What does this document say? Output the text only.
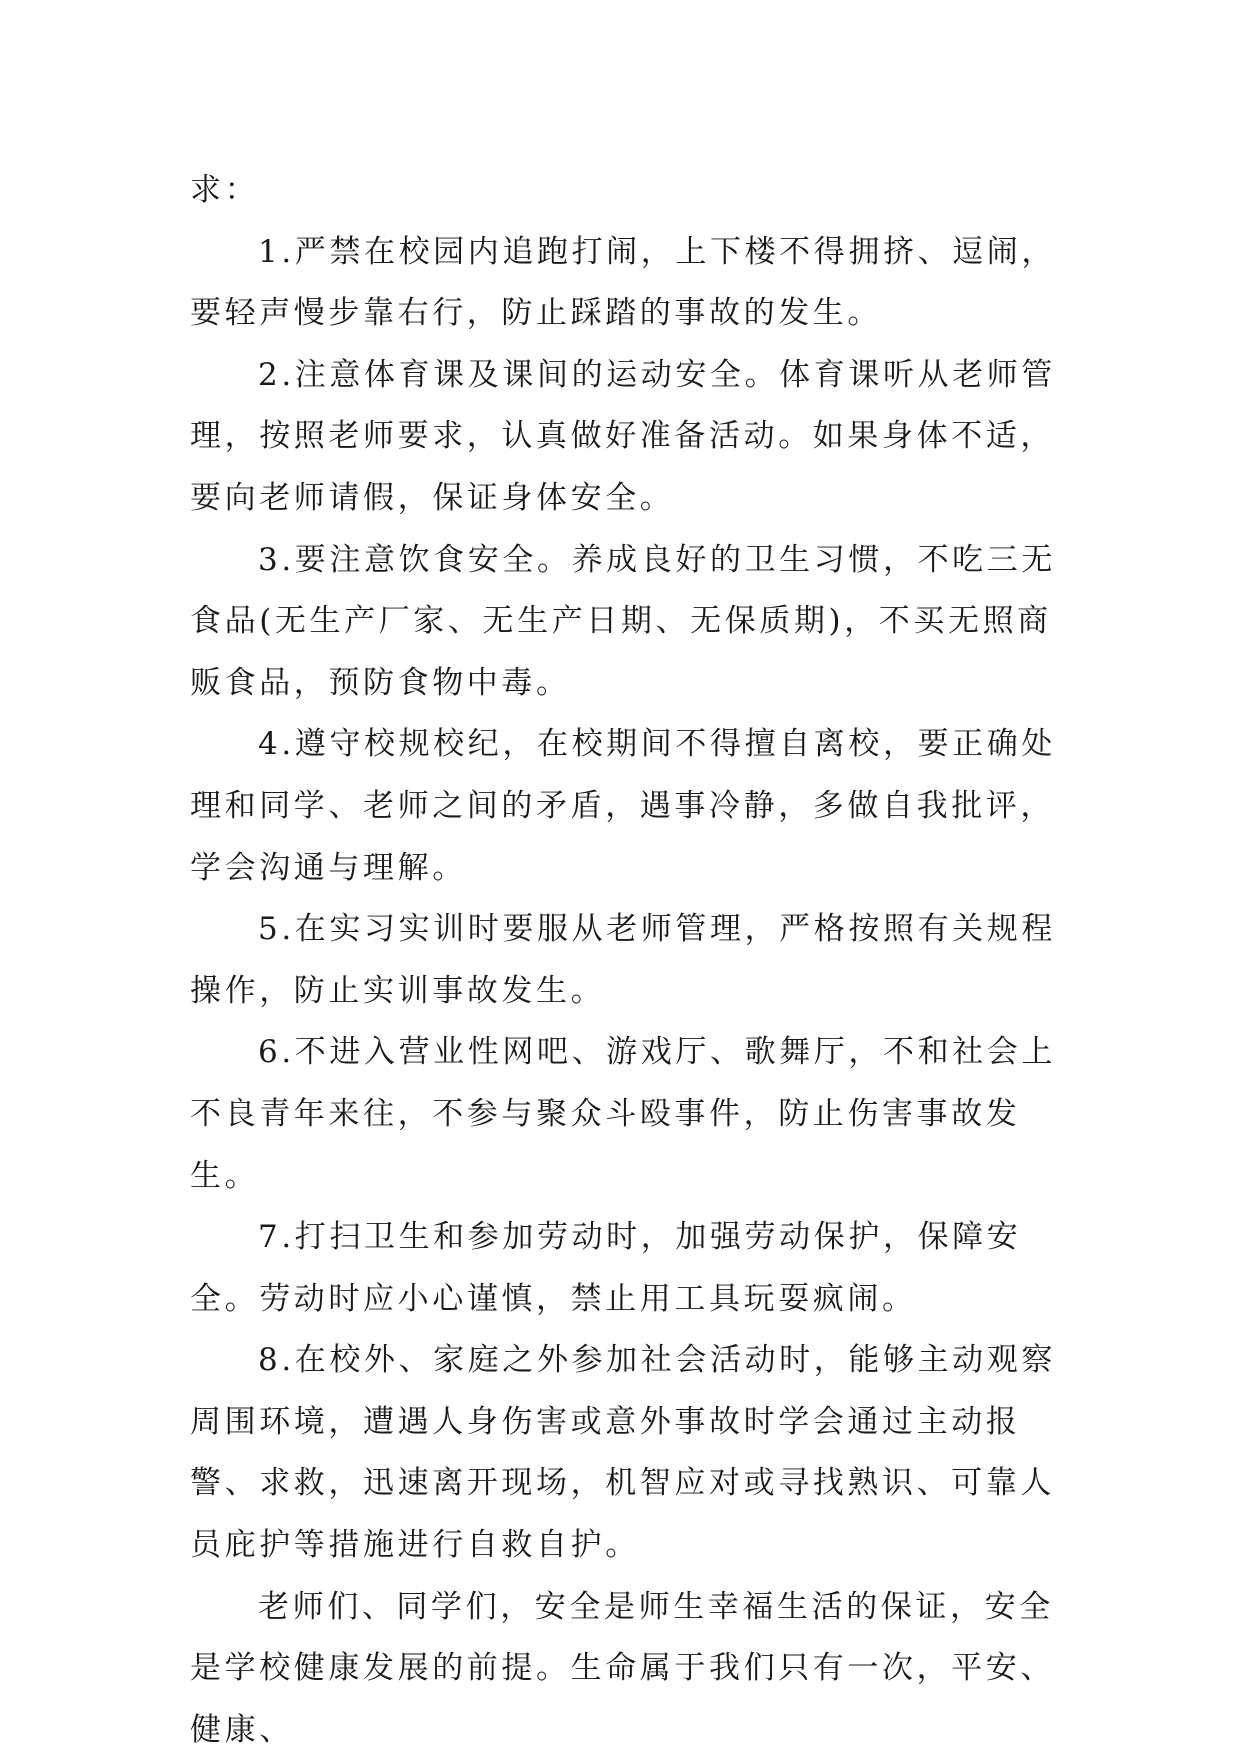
求：

1.严禁在校园内追跑打闹，上下楼不得拥挤、逗闹，要轻声慢步靠右行，防止踩踏的事故的发生。

2.注意体育课及课间的运动安全。体育课听从老师管理，按照老师要求，认真做好准备活动。如果身体不适，要向老师请假，保证身体安全。

3.要注意饮食安全。养成良好的卫生习惯，不吃三无食品(无生产厂家、无生产日期、无保质期)，不买无照商贩食品，预防食物中毒。

4.遵守校规校纪，在校期间不得擅自离校，要正确处理和同学、老师之间的矛盾，遇事冷静，多做自我批评，学会沟通与理解。

5.在实习实训时要服从老师管理，严格按照有关规程操作，防止实训事故发生。

6.不进入营业性网吧、游戏厅、歌舞厅，不和社会上不良青年来往，不参与聚众斗殴事件，防止伤害事故发生。

7.打扫卫生和参加劳动时，加强劳动保护，保障安全。劳动时应小心谨慎，禁止用工具玩耍疯闹。

8.在校外、家庭之外参加社会活动时，能够主动观察周围环境，遭遇人身伤害或意外事故时学会通过主动报警、求救，迅速离开现场，机智应对或寻找熟识、可靠人员庇护等措施进行自救自护。

老师们、同学们，安全是师生幸福生活的保证，安全是学校健康发展的前提。生命属于我们只有一次，平安、健康、
